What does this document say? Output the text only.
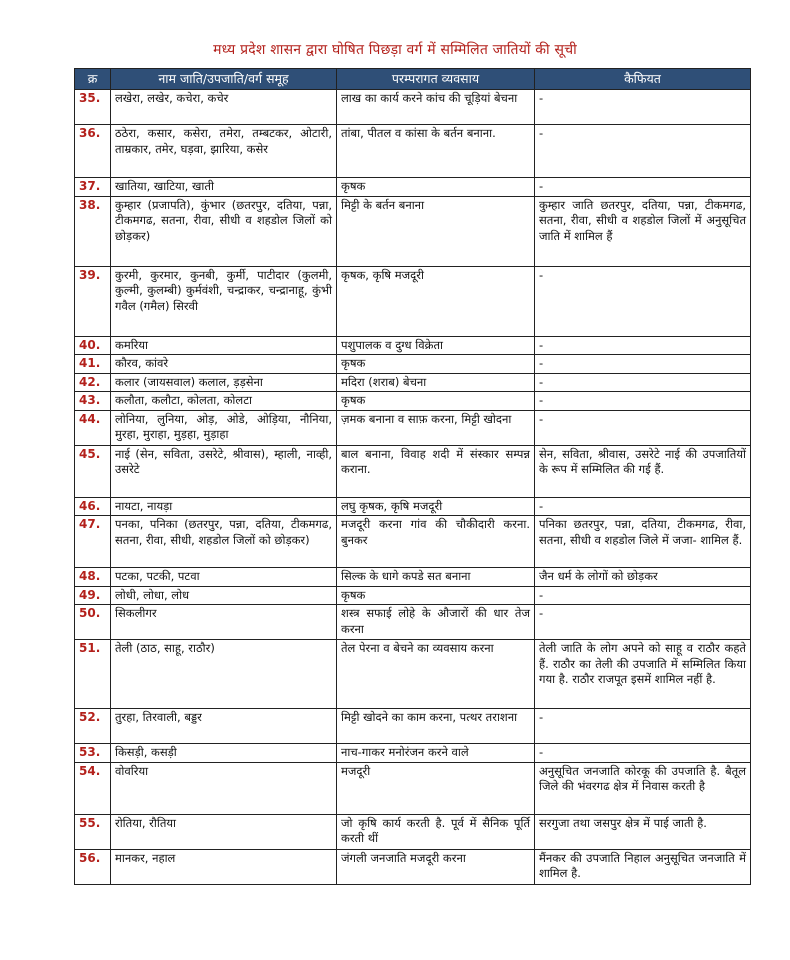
मध्य प्रदेश शासन द्वारा घोषित पिछड़ा वर्ग में सम्मिलित जातियों की सूची
क्र	नाम जाति/उपजाति/वर्ग समूह	परम्परागत व्यवसाय	कैफियत
35.	लखेरा, लखेर, कचेरा, कचेर	लाख का कार्य करने कांच की चूड़ियां बेचना	-
36.	ठठेरा, कसार, कसेरा, तमेरा, तम्बटकर, ओटारी, ताम्रकार, तमेर, घड़वा, झारिया, कसेर	तांबा, पीतल व कांसा के बर्तन बनाना.	-
37.	खातिया, खाटिया, खाती	कृषक	-
38.	कुम्हार (प्रजापति), कुंभार (छतरपुर, दतिया, पन्ना, टीकमगढ, सतना, रीवा, सीधी व शहडोल जिलों को छोड़कर)	मिट्टी के बर्तन बनाना	कुम्हार जाति छतरपुर, दतिया, पन्ना, टीकमगढ, सतना, रीवा, सीधी व शहडोल जिलों में अनुसूचित जाति में शामिल हैं
39.	कुरमी, कुरमार, कुनबी, कुर्मी, पाटीदार (कुलमी, कुल्मी, कुलम्बी) कुर्मवंशी, चन्द्राकर, चन्द्रानाहू, कुंभी गवैल (गमैल) सिरवी	कृषक, कृषि मजदूरी	-
40.	कमरिया	पशुपालक व दुग्ध विक्रेता	-
41.	कौरव, कांवरे	कृषक	-
42.	कलार (जायसवाल) कलाल, ड़ड़सेना	मदिरा (शराब) बेचना	-
43.	कलौता, कलौटा, कोलता, कोलटा	कृषक	-
44.	लोनिया, लुनिया, ओड़, ओडे, ओड़िया, नौनिया, मुरहा, मुराहा, मुड़हा, मुड़ाहा	ज़मक बनाना व साफ़ करना, मिट्टी खोदना	-
45.	नाई (सेन, सविता, उसरेटे, श्रीवास), म्हाली, नाव्ही, उसरेटे	बाल बनाना, विवाह शदी में संस्कार सम्पन्न कराना.	सेन, सविता, श्रीवास, उसरेटे नाई की उपजातियों के रूप में सम्मिलित की गई हैं.
46.	नायटा, नायड़ा	लघु कृषक, कृषि मजदूरी	-
47.	पनका, पनिका (छतरपुर, पन्ना, दतिया, टीकमगढ, सतना, रीवा, सीधी, शहडोल जिलों को छोड़कर)	मजदूरी करना गांव की चौकीदारी करना. बुनकर	पनिका छतरपुर, पन्ना, दतिया, टीकमगढ, रीवा, सतना, सीधी व शहडोल जिले में जजा- शामिल हैं.
48.	पटका, पटकी, पटवा	सिल्क के धागे कपडे सत बनाना	जैन धर्म के लोगों को छोड़कर
49.	लोधी, लोधा, लोध	कृषक	-
50.	सिकलीगर	शस्त्र सफाई लोहे के औजारों की धार तेज करना	-
51.	तेली (ठाठ, साहू, राठौर)	तेल पेरना व बेचने का व्यवसाय करना	तेली जाति के लोग अपने को साहू व राठौर कहते हैं. राठौर का तेली की उपजाति में सम्मिलित किया गया है. राठौर राजपूत इसमें शामिल नहीं है.
52.	तुरहा, तिरवाली, बड्डर	मिट्टी खोदने का काम करना, पत्थर तराशना	-
53.	किसड़ी, कसड़ी	नाच-गाकर मनोरंजन करने वाले	-
54.	वोवरिया	मजदूरी	अनुसूचित जनजाति कोरकू की उपजाति है. बैतूल जिले की भंवरगढ क्षेत्र में निवास करती है
55.	रोतिया, रौतिया	जो कृषि कार्य करती है. पूर्व में सैनिक पूर्ति करती थीं	सरगुजा तथा जसपुर क्षेत्र में पाई जाती है.
56.	मानकर, नहाल	जंगली जनजाति मजदूरी करना	मैंनकर की उपजाति निहाल अनुसूचित जनजाति में शामिल है.
